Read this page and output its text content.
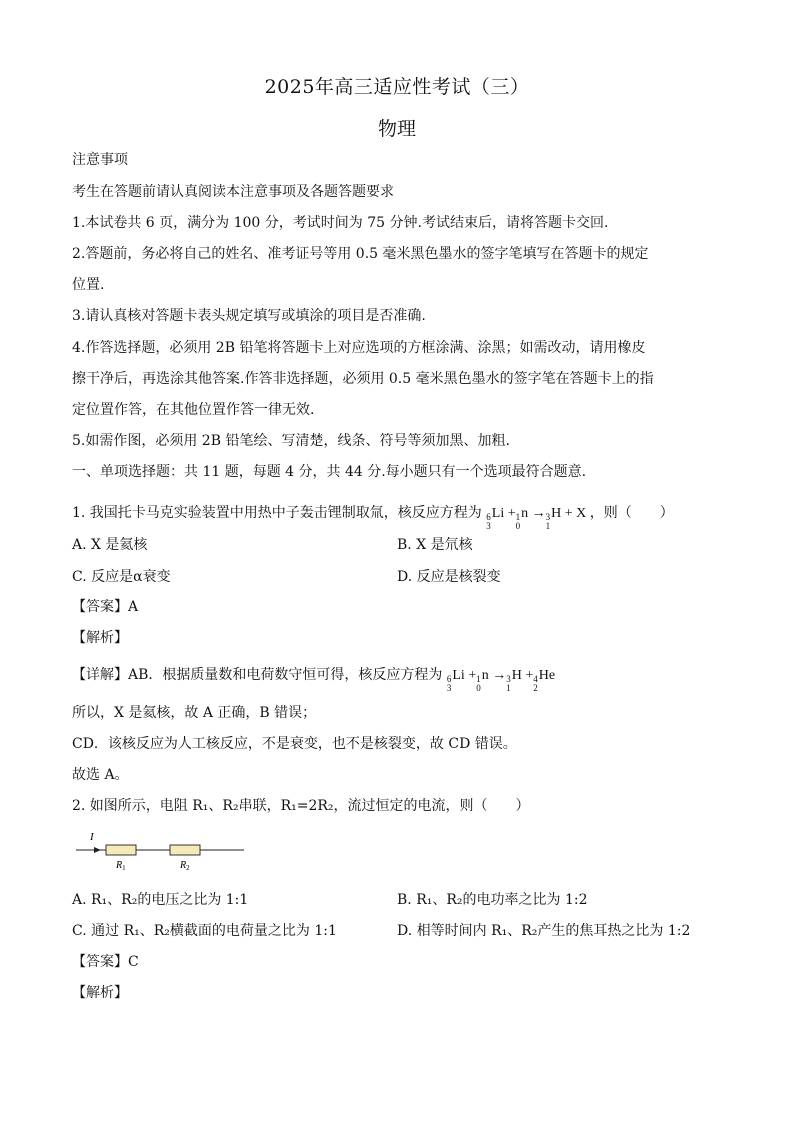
2025年高三适应性考试（三）
物理
注意事项
考生在答题前请认真阅读本注意事项及各题答题要求
1.本试卷共 6 页，满分为 100 分，考试时间为 75 分钟.考试结束后，请将答题卡交回.
2.答题前，务必将自己的姓名、准考证号等用 0.5 毫米黑色墨水的签字笔填写在答题卡的规定
位置.
3.请认真核对答题卡表头规定填写或填涂的项目是否准确.
4.作答选择题，必须用 2B 铅笔将答题卡上对应选项的方框涂满、涂黑；如需改动，请用橡皮
擦干净后，再选涂其他答案.作答非选择题，必须用 0.5 毫米黑色墨水的签字笔在答题卡上的指
定位置作答，在其他位置作答一律无效.
5.如需作图，必须用 2B 铅笔绘、写清楚，线条、符号等须加黑、加粗.
一、单项选择题：共 11 题，每题 4 分，共 44 分.每小题只有一个选项最符合题意.
1. 我国托卡马克实验装置中用热中子轰击锂制取氚，核反应方程为 6
3
Li + 1
0
n → 3
1
H + X ，则（　　）
A. X 是氦核	B. X 是氘核
C. 反应是α衰变	D. 反应是核裂变
【答案】A
【解析】
【详解】AB．根据质量数和电荷数守恒可得，核反应方程为 6
3
Li + 1
0
n → 3
1
H + 4
2
He
所以，X 是氦核，故 A 正确，B 错误；
CD．该核反应为人工核反应，不是衰变，也不是核裂变，故 CD 错误。
故选 A。
2. 如图所示，电阻 R₁、R₂串联，R₁=2R₂，流过恒定的电流，则（　　）
I
$R_1$	$R_2$
A. R₁、R₂的电压之比为 1:1	B. R₁、R₂的电功率之比为 1:2
C. 通过 R₁、R₂横截面的电荷量之比为 1:1	D. 相等时间内 R₁、R₂产生的焦耳热之比为 1:2
【答案】C
【解析】
